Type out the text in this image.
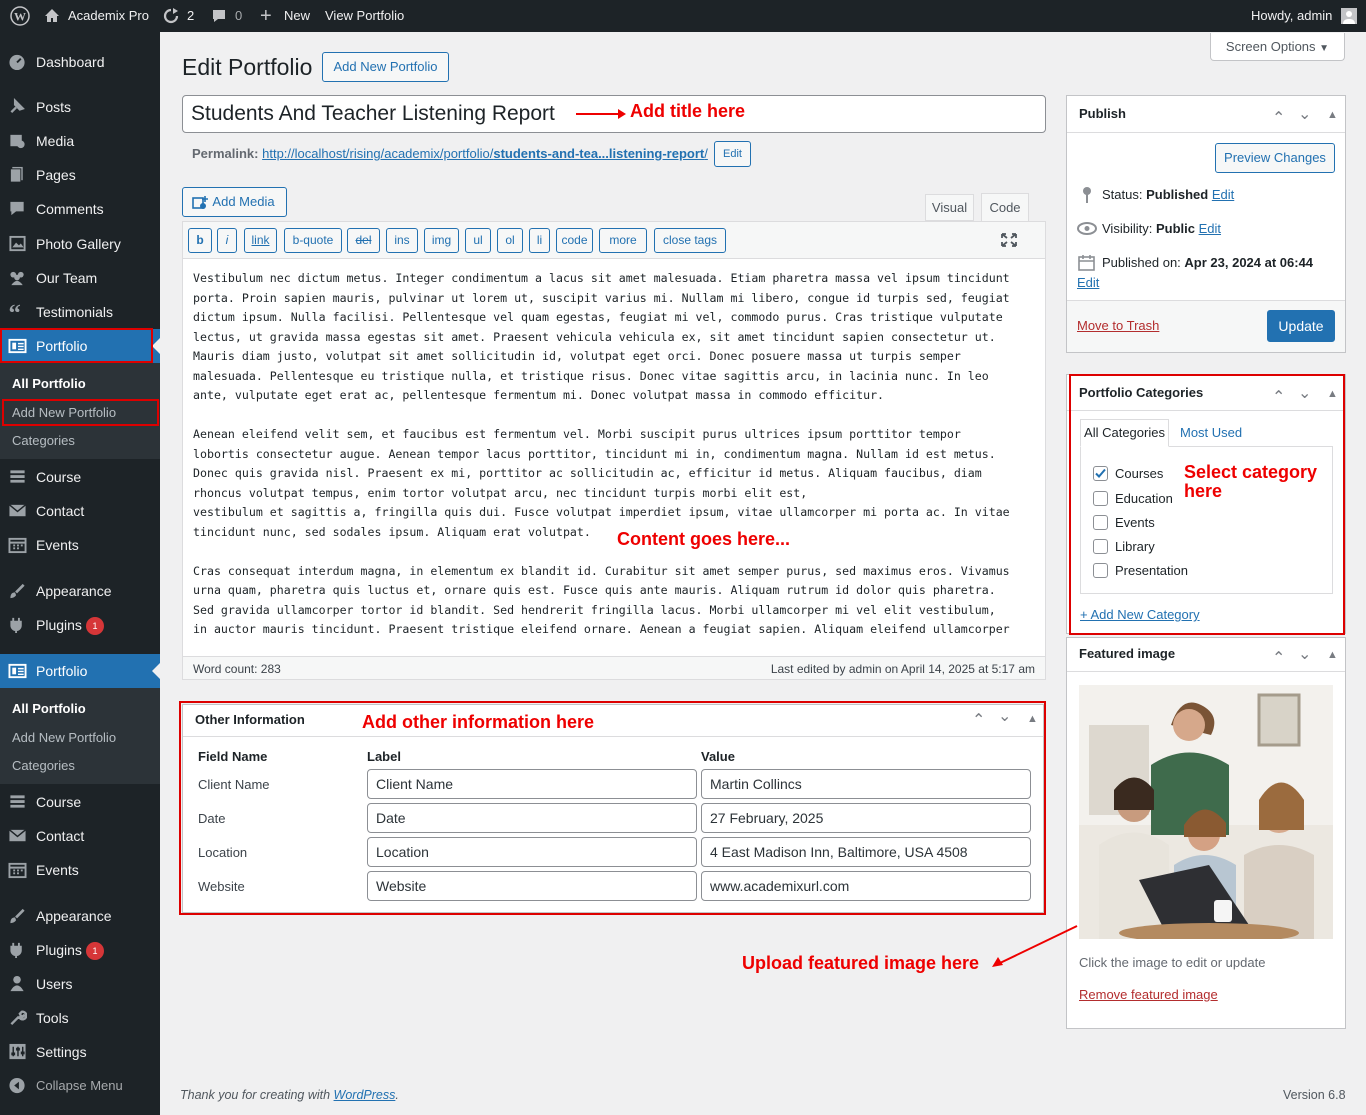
W	Academix Pro	2	0 + New View Portfolio	Howdy, admin
Dashboard
Posts
Media
Pages
Comments
Photo Gallery
Our Team
“ Testimonials
Portfolio
All Portfolio
Add New Portfolio
Categories
Course
Contact
Events
Appearance
Plugins	1
Portfolio
All Portfolio
Add New Portfolio
Categories
Course
Contact
Events
Appearance
Plugins
Users
Tools
Settings
1
Collapse Menu
Screen Options ▼
Edit Portfolio	Add New Portfolio
Students And Teacher Listening Report	Add title here
Permalink: http://localhost/rising/academix/portfolio/students-and-tea...listening-report/	Edit
Add Media	Visual	Code
b	i	link	b-quote	del	ins	img	ul	ol	li	code	more	close tags
Vestibulum nec dictum metus. Integer condimentum a lacus sit amet malesuada. Etiam pharetra massa vel ipsum tincidunt
porta. Proin sapien mauris, pulvinar ut lorem ut, suscipit varius mi. Nullam mi libero, congue id turpis sed, feugiat
dictum ipsum. Nulla facilisi. Pellentesque vel quam egestas, feugiat mi vel, commodo purus. Cras tristique vulputate
lectus, ut gravida massa egestas sit amet. Praesent vehicula vehicula ex, sit amet tincidunt sapien consectetur ut.
Mauris diam justo, volutpat sit amet sollicitudin id, volutpat eget orci. Donec posuere massa ut turpis semper
malesuada. Pellentesque eu tristique nulla, et tristique risus. Donec vitae sagittis arcu, in lacinia nunc. In leo
ante, vulputate eget erat ac, pellentesque fermentum mi. Donec volutpat massa in commodo efficitur.
Aenean eleifend velit sem, et faucibus est fermentum vel. Morbi suscipit purus ultrices ipsum porttitor tempor
lobortis consectetur augue. Aenean tempor lacus porttitor, tincidunt mi in, condimentum magna. Nullam id est metus.
Donec quis gravida nisl. Praesent ex mi, porttitor ac sollicitudin ac, efficitur id metus. Aliquam faucibus, diam
rhoncus volutpat tempus, enim tortor volutpat arcu, nec tincidunt turpis morbi elit est,
vestibulum et sagittis a, fringilla quis dui. Fusce volutpat imperdiet ipsum, vitae ullamcorper mi porta ac. In vitae
tincidunt nunc, sed sodales ipsum. Aliquam erat volutpat.
Cras consequat interdum magna, in elementum ex blandit id. Curabitur sit amet semper purus, sed maximus eros. Vivamus
urna quam, pharetra quis luctus et, ornare quis est. Fusce quis ante mauris. Aliquam rutrum id dolor quis pharetra.
Sed gravida ullamcorper tortor id blandit. Sed hendrerit fringilla lacus. Morbi ullamcorper mi vel elit vestibulum,
in auctor mauris tincidunt. Praesent tristique eleifend ornare. Aenean a feugiat sapien. Aliquam eleifend ullamcorper
Content goes here...
Word count: 283	Last edited by admin on April 14, 2025 at 5:17 am
Other Information	Add other information here	⌃ ⌄ ▲
Field Name	Label	Value
Client Name	Client Name	Martin Collincs
Date	Date	27 February, 2025
Location	Location	4 East Madison Inn, Baltimore, USA 4508
Website	Website	www.academixurl.com
Publish	⌃ ⌄ ▲
Preview Changes
Status: Published Edit
Visibility: Public Edit
Published on: Apr 23, 2024 at 06:44
Edit
Move to Trash	Update
Portfolio Categories	⌃ ⌄ ▲
All Categories	Most Used
Courses
Education
Events
Library
Presentation
Select category here
+ Add New Category
Featured image	⌃ ⌄ ▲
Click the image to edit or update
Remove featured image
Upload featured image here
Thank you for creating with WordPress.	Version 6.8
